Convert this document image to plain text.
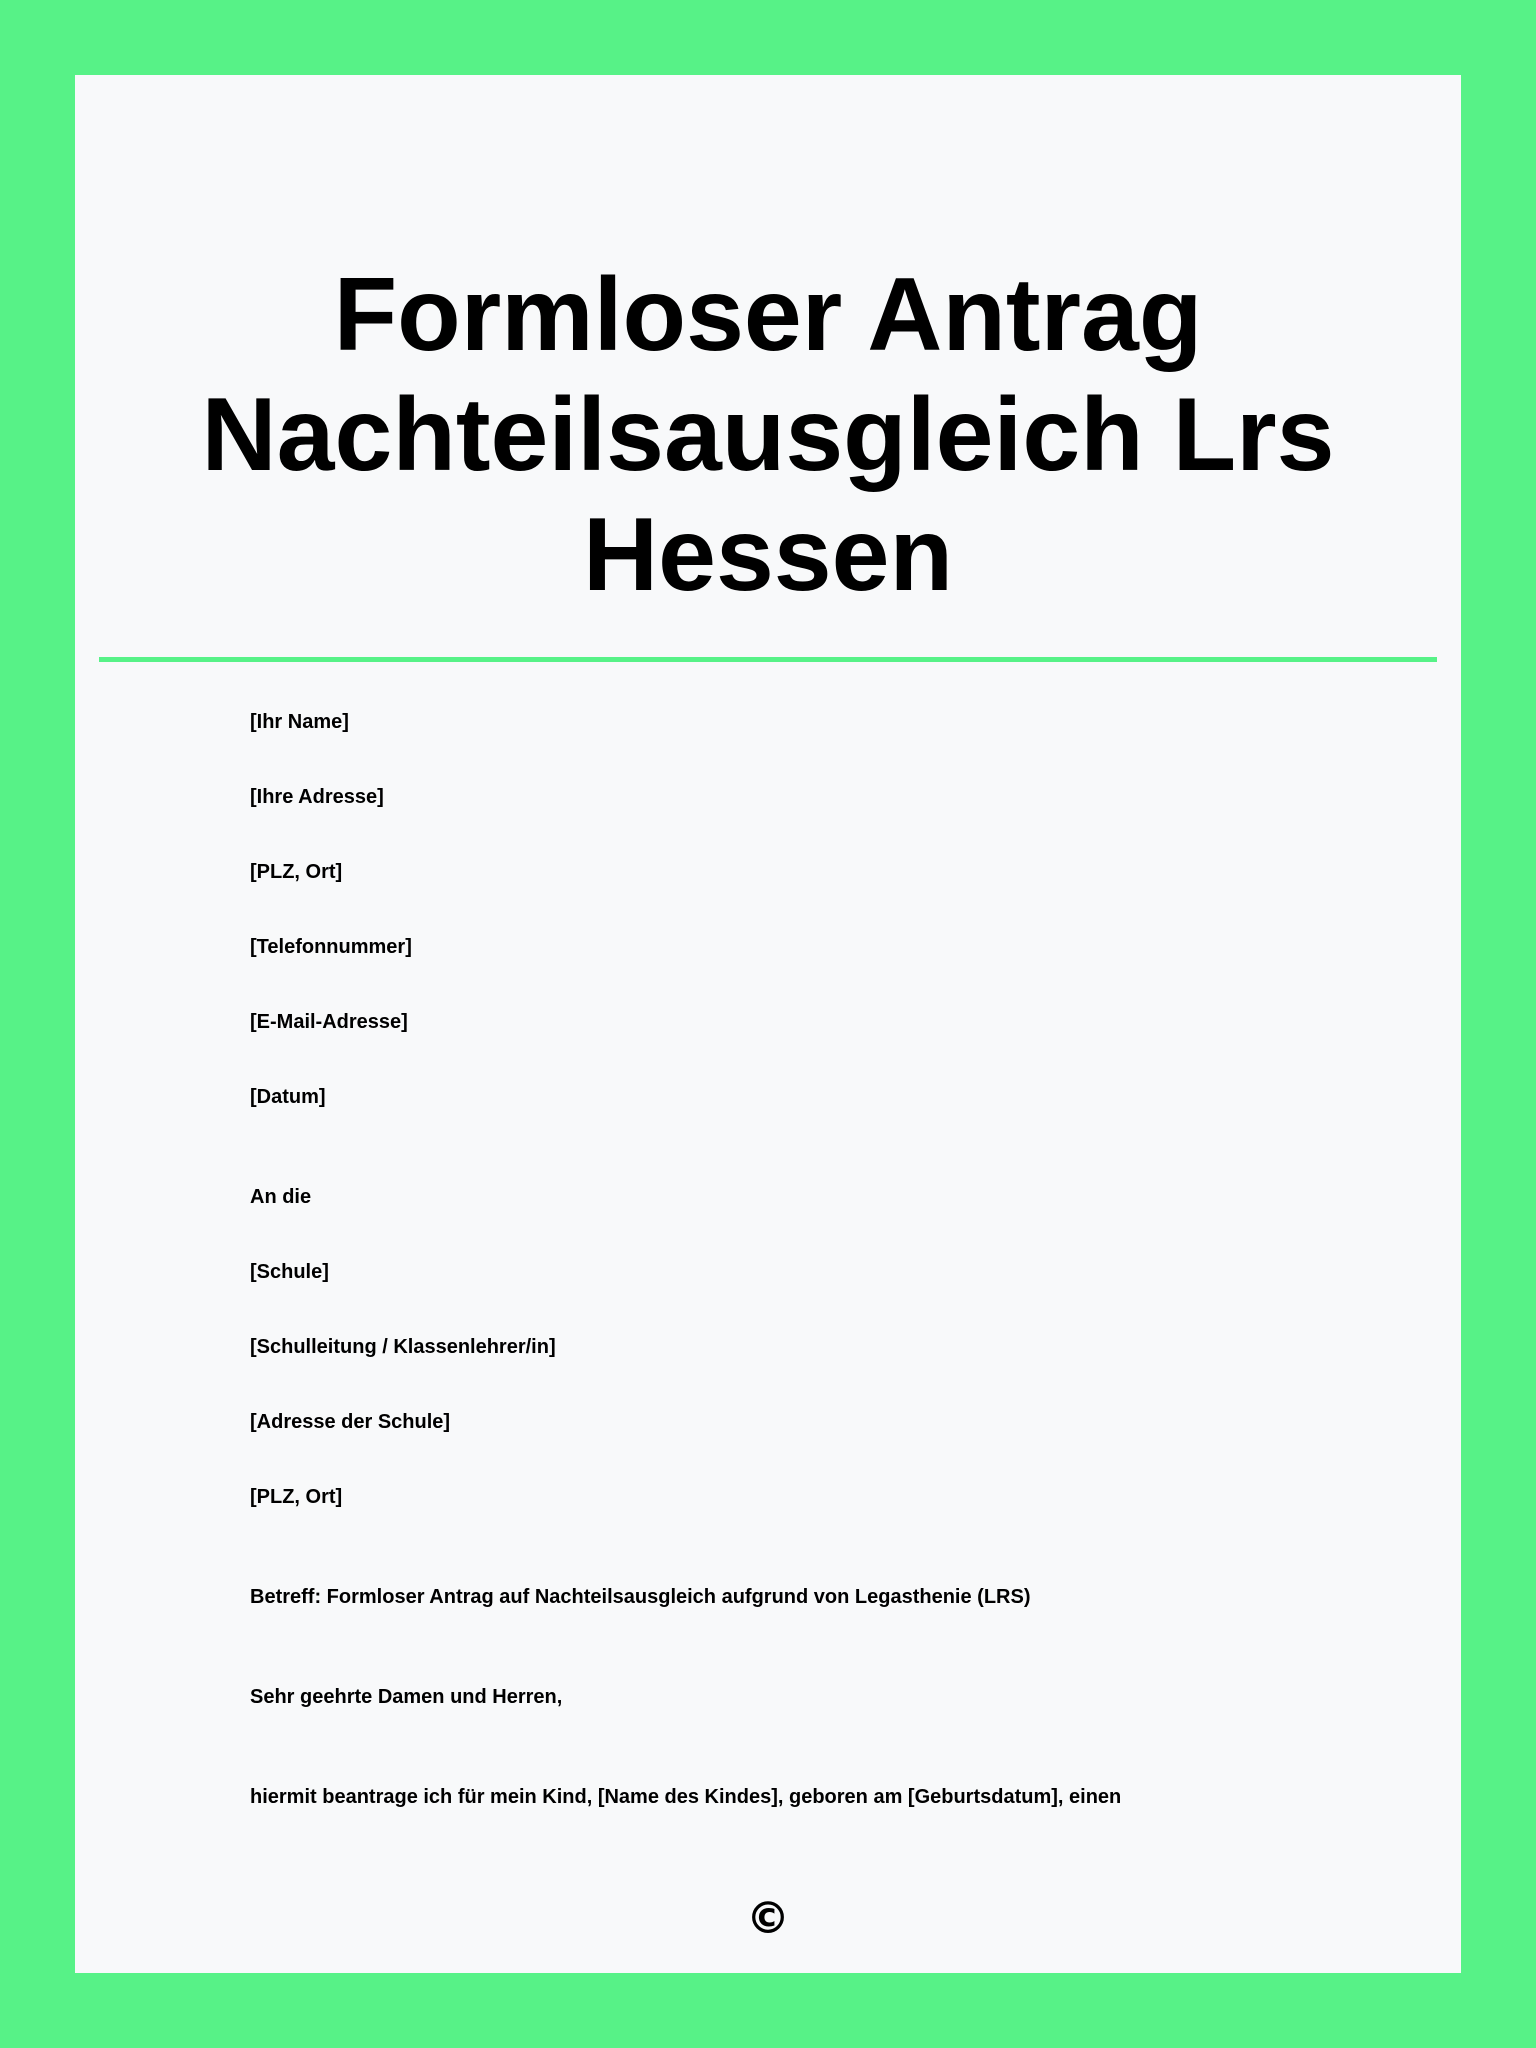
Formloser Antrag
Nachteilsausgleich Lrs
Hessen

[Ihr Name]

[Ihre Adresse]

[PLZ, Ort]

[Telefonnummer]

[E-Mail-Adresse]

[Datum]

An die

[Schule]

[Schulleitung / Klassenlehrer/in]

[Adresse der Schule]

[PLZ, Ort]

Betreff: Formloser Antrag auf Nachteilsausgleich aufgrund von Legasthenie (LRS)

Sehr geehrte Damen und Herren,

hiermit beantrage ich für mein Kind, [Name des Kindes], geboren am [Geburtsdatum], einen

©
